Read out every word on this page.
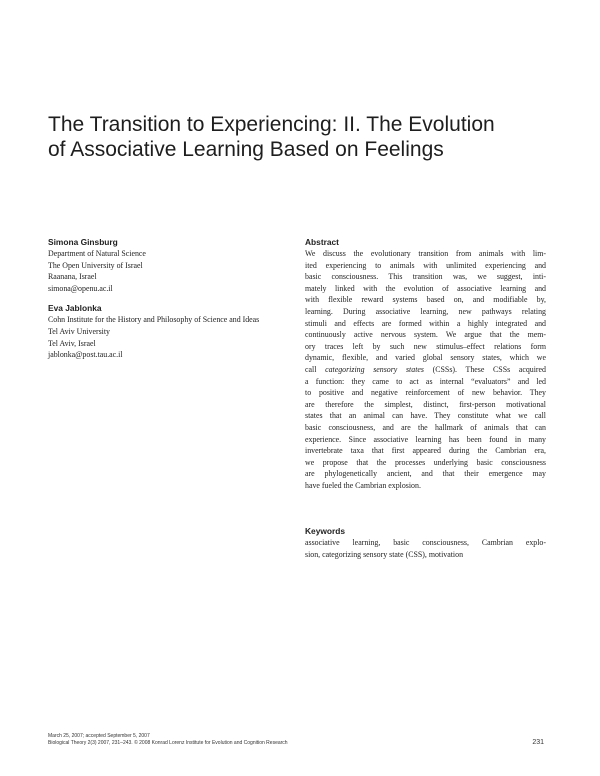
The Transition to Experiencing: II. The Evolution
of Associative Learning Based on Feelings
Simona Ginsburg
Department of Natural Science
The Open University of Israel
Raanana, Israel
simona@openu.ac.il
Eva Jablonka
Cohn Institute for the History and Philosophy of Science and Ideas
Tel Aviv University
Tel Aviv, Israel
jablonka@post.tau.ac.il
Abstract
We discuss the evolutionary transition from animals with lim-
ited experiencing to animals with unlimited experiencing and
basic consciousness. This transition was, we suggest, inti-
mately linked with the evolution of associative learning and
with flexible reward systems based on, and modifiable by,
learning. During associative learning, new pathways relating
stimuli and effects are formed within a highly integrated and
continuously active nervous system. We argue that the mem-
ory traces left by such new stimulus–effect relations form
dynamic, flexible, and varied global sensory states, which we
call categorizing sensory states (CSSs). These CSSs acquired
a function: they came to act as internal “evaluators” and led
to positive and negative reinforcement of new behavior. They
are therefore the simplest, distinct, first-person motivational
states that an animal can have. They constitute what we call
basic consciousness, and are the hallmark of animals that can
experience. Since associative learning has been found in many
invertebrate taxa that first appeared during the Cambrian era,
we propose that the processes underlying basic consciousness
are phylogenetically ancient, and that their emergence may
have fueled the Cambrian explosion.
Keywords
associative learning, basic consciousness, Cambrian explo-
sion, categorizing sensory state (CSS), motivation
March 25, 2007; accepted September 5, 2007
Biological Theory 2(3) 2007, 231–243. © 2008 Konrad Lorenz Institute for Evolution and Cognition Research	231
